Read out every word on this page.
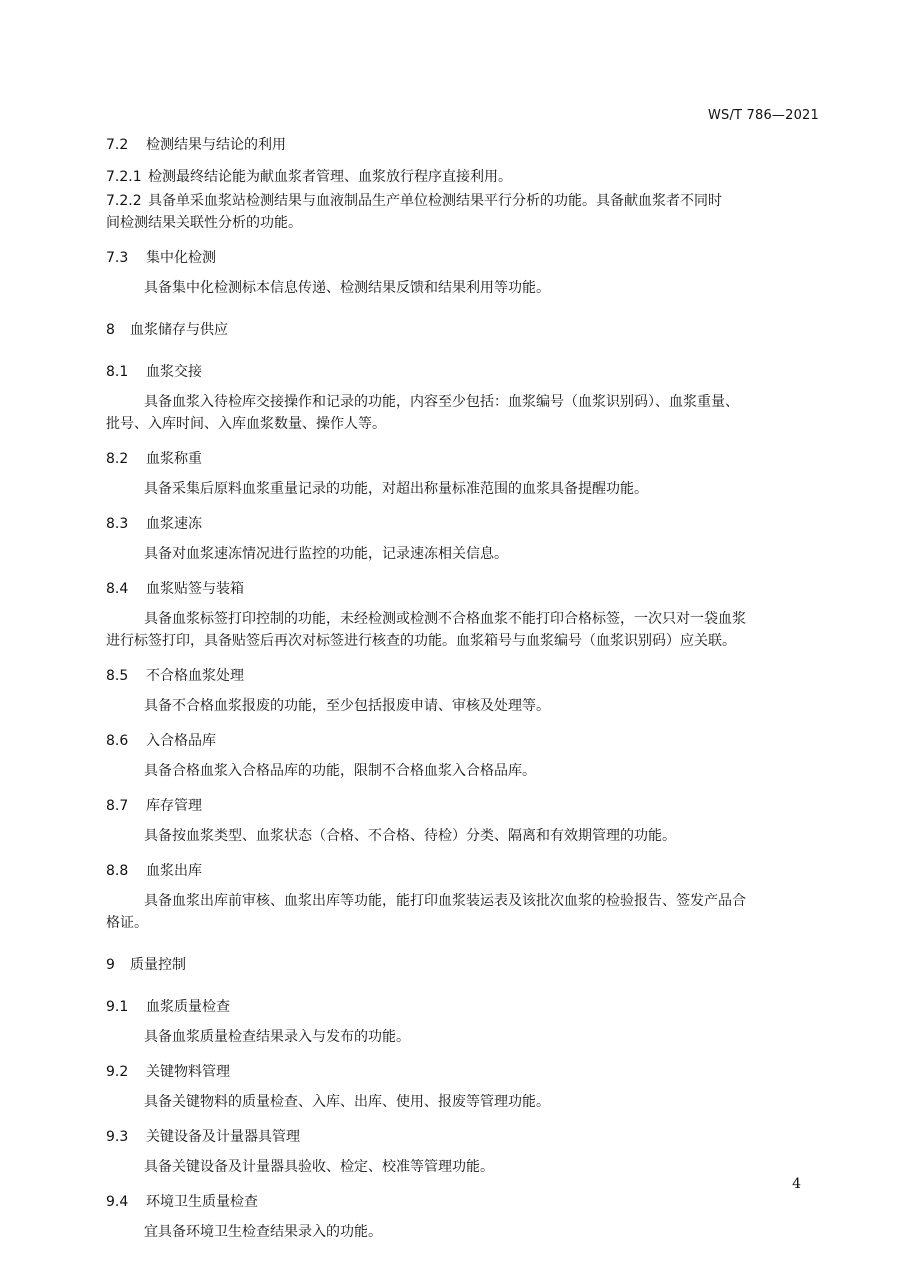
WS/T 786—2021
7.2 检测结果与结论的利用
7.2.1 检测最终结论能为献血浆者管理、血浆放行程序直接利用。
7.2.2 具备单采血浆站检测结果与血液制品生产单位检测结果平行分析的功能。具备献血浆者不同时

间检测结果关联性分析的功能。

7.3 集中化检测

具备集中化检测标本信息传递、检测结果反馈和结果利用等功能。

8 血浆储存与供应
8.1 血浆交接

具备血浆入待检库交接操作和记录的功能，内容至少包括：血浆编号（血浆识别码）、血浆重量、

批号、入库时间、入库血浆数量、操作人等。

8.2 血浆称重

具备采集后原料血浆重量记录的功能，对超出称量标准范围的血浆具备提醒功能。

8.3 血浆速冻

具备对血浆速冻情况进行监控的功能，记录速冻相关信息。

8.4 血浆贴签与装箱

具备血浆标签打印控制的功能，未经检测或检测不合格血浆不能打印合格标签，一次只对一袋血浆

进行标签打印，具备贴签后再次对标签进行核查的功能。血浆箱号与血浆编号（血浆识别码）应关联。

8.5 不合格血浆处理

具备不合格血浆报废的功能，至少包括报废申请、审核及处理等。

8.6 入合格品库

具备合格血浆入合格品库的功能，限制不合格血浆入合格品库。

8.7 库存管理

具备按血浆类型、血浆状态（合格、不合格、待检）分类、隔离和有效期管理的功能。

8.8 血浆出库

具备血浆出库前审核、血浆出库等功能，能打印血浆装运表及该批次血浆的检验报告、签发产品合

格证。

9 质量控制
9.1 血浆质量检查

具备血浆质量检查结果录入与发布的功能。

9.2 关键物料管理

具备关键物料的质量检查、入库、出库、使用、报废等管理功能。

9.3 关键设备及计量器具管理

具备关键设备及计量器具验收、检定、校准等管理功能。

9.4 环境卫生质量检查

宜具备环境卫生检查结果录入的功能。

4
